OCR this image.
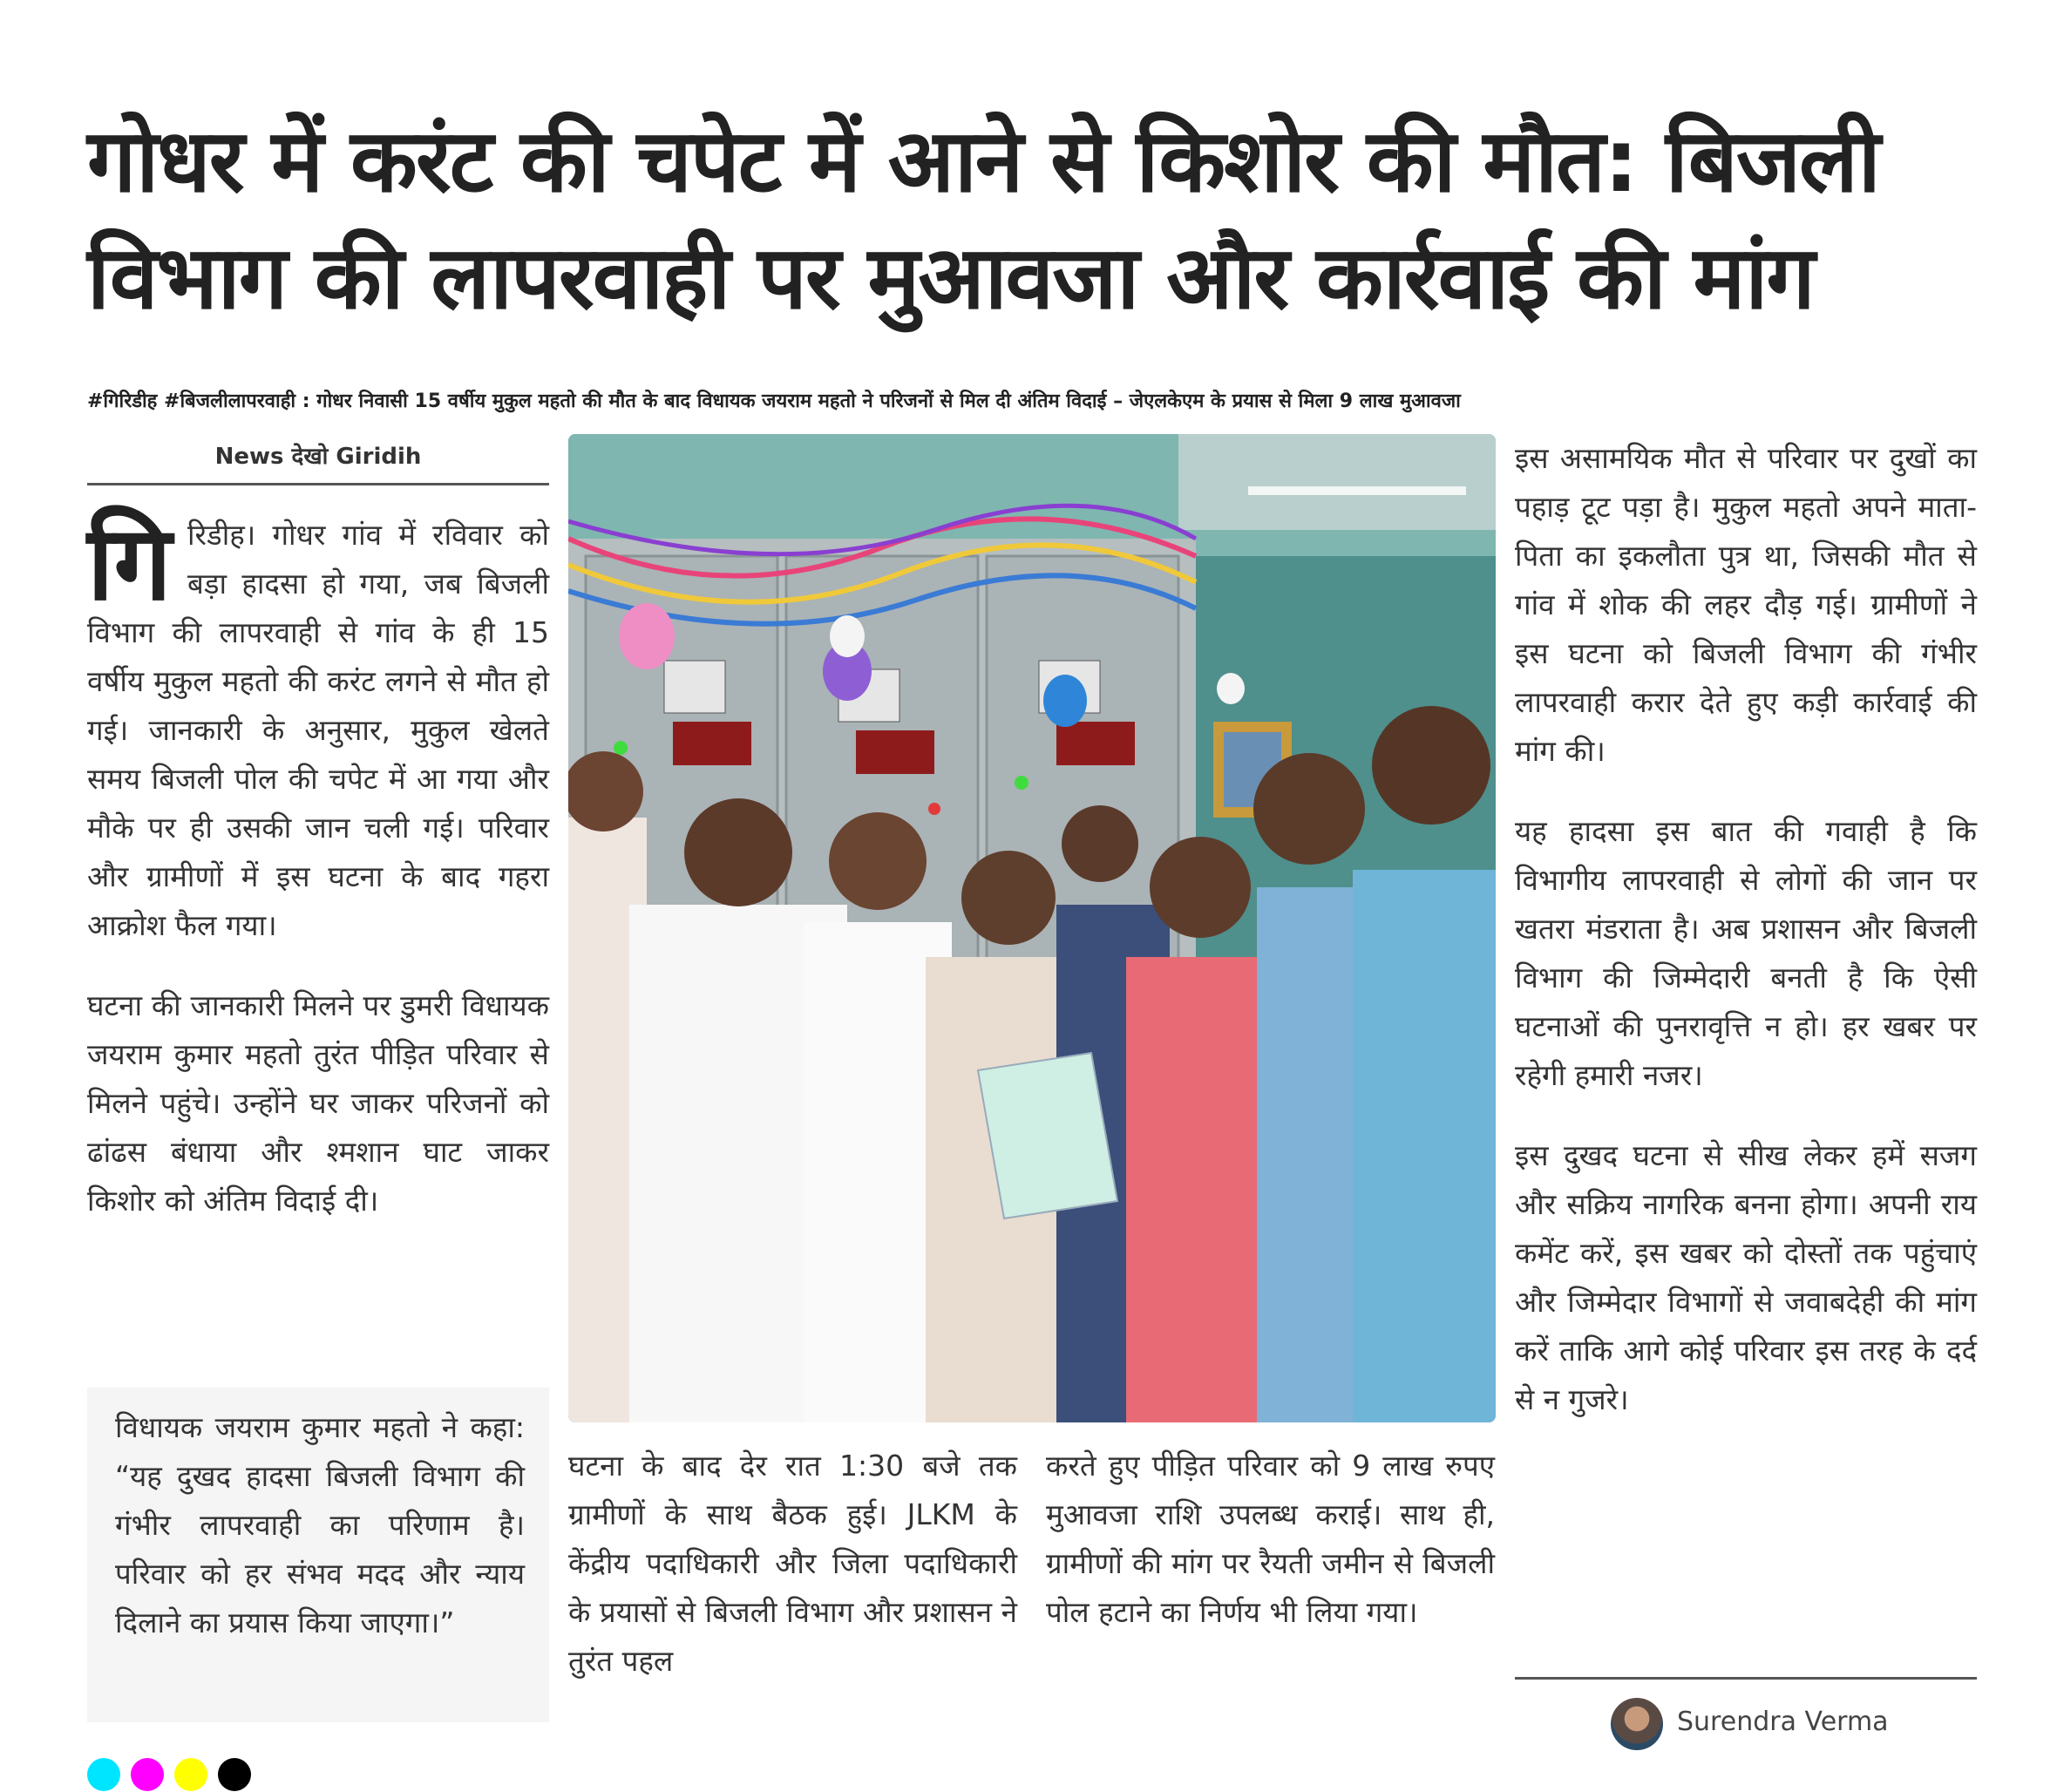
गोधर में करंट की चपेट में आने से किशोर की मौत: बिजली विभाग की लापरवाही पर मुआवजा और कार्रवाई की मांग
#गिरिडीह #बिजलीलापरवाही : गोधर निवासी 15 वर्षीय मुकुल महतो की मौत के बाद विधायक जयराम महतो ने परिजनों से मिल दी अंतिम विदाई – जेएलकेएम के प्रयास से मिला 9 लाख मुआवजा
News देखो Giridih

गि रिडीह। गोधर गांव में रविवार को बड़ा हादसा हो गया, जब बिजली विभाग की लापरवाही से गांव के ही 15 वर्षीय मुकुल महतो की करंट लगने से मौत हो गई। जानकारी के अनुसार, मुकुल खेलते समय बिजली पोल की चपेट में आ गया और मौके पर ही उसकी जान चली गई। परिवार और ग्रामीणों में इस घटना के बाद गहरा आक्रोश फैल गया।

घटना की जानकारी मिलने पर डुमरी विधायक जयराम कुमार महतो तुरंत पीड़ित परिवार से मिलने पहुंचे। उन्होंने घर जाकर परिजनों को ढांढस बंधाया और श्मशान घाट जाकर किशोर को अंतिम विदाई दी।

विधायक जयराम कुमार महतो ने कहा: “यह दुखद हादसा बिजली विभाग की गंभीर लापरवाही का परिणाम है। परिवार को हर संभव मदद और न्याय दिलाने का प्रयास किया जाएगा।”

घटना के बाद देर रात 1:30 बजे तक ग्रामीणों के साथ बैठक हुई। JLKM के केंद्रीय पदाधिकारी और जिला पदाधिकारी के प्रयासों से बिजली विभाग और प्रशासन ने तुरंत पहल

करते हुए पीड़ित परिवार को 9 लाख रुपए मुआवजा राशि उपलब्ध कराई। साथ ही, ग्रामीणों की मांग पर रैयती जमीन से बिजली पोल हटाने का निर्णय भी लिया गया।

इस असामयिक मौत से परिवार पर दुखों का पहाड़ टूट पड़ा है। मुकुल महतो अपने माता-पिता का इकलौता पुत्र था, जिसकी मौत से गांव में शोक की लहर दौड़ गई। ग्रामीणों ने इस घटना को बिजली विभाग की गंभीर लापरवाही करार देते हुए कड़ी कार्रवाई की मांग की।

यह हादसा इस बात की गवाही है कि विभागीय लापरवाही से लोगों की जान पर खतरा मंडराता है। अब प्रशासन और बिजली विभाग की जिम्मेदारी बनती है कि ऐसी घटनाओं की पुनरावृत्ति न हो। हर खबर पर रहेगी हमारी नजर।

इस दुखद घटना से सीख लेकर हमें सजग और सक्रिय नागरिक बनना होगा। अपनी राय कमेंट करें, इस खबर को दोस्तों तक पहुंचाएं और जिम्मेदार विभागों से जवाबदेही की मांग करें ताकि आगे कोई परिवार इस तरह के दर्द से न गुजरे।

Surendra Verma
